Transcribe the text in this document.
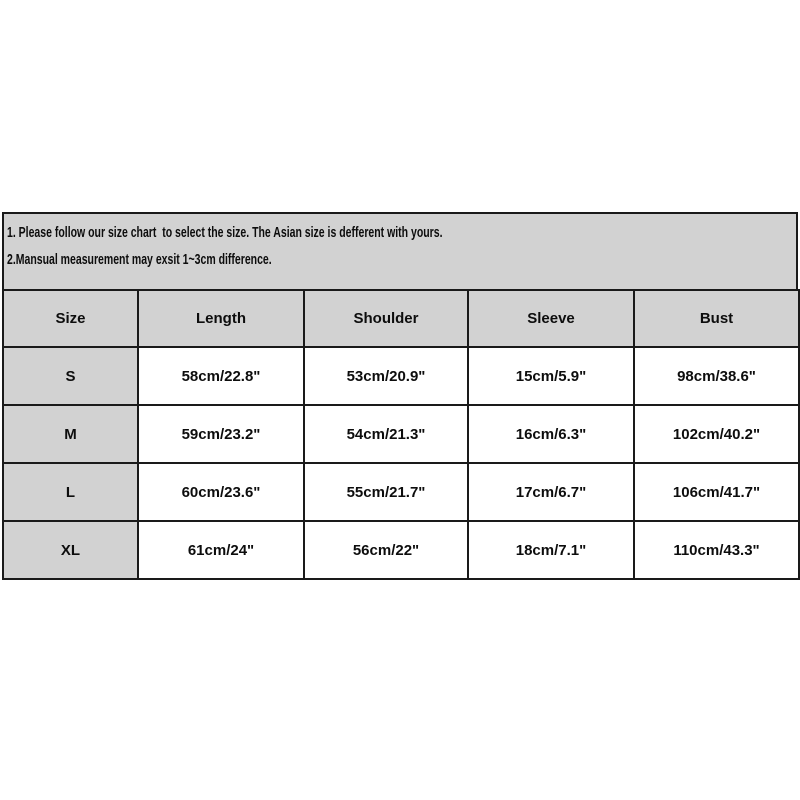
1. Please follow our size chart  to select the size. The Asian size is defferent with yours.
2.Mansual measurement may exsit 1~3cm difference.
Size	Length	Shoulder	Sleeve	Bust
S	58cm/22.8"	53cm/20.9"	15cm/5.9"	98cm/38.6"
M	59cm/23.2"	54cm/21.3"	16cm/6.3"	102cm/40.2"
L	60cm/23.6"	55cm/21.7"	17cm/6.7"	106cm/41.7"
XL	61cm/24"	56cm/22"	18cm/7.1"	110cm/43.3"
